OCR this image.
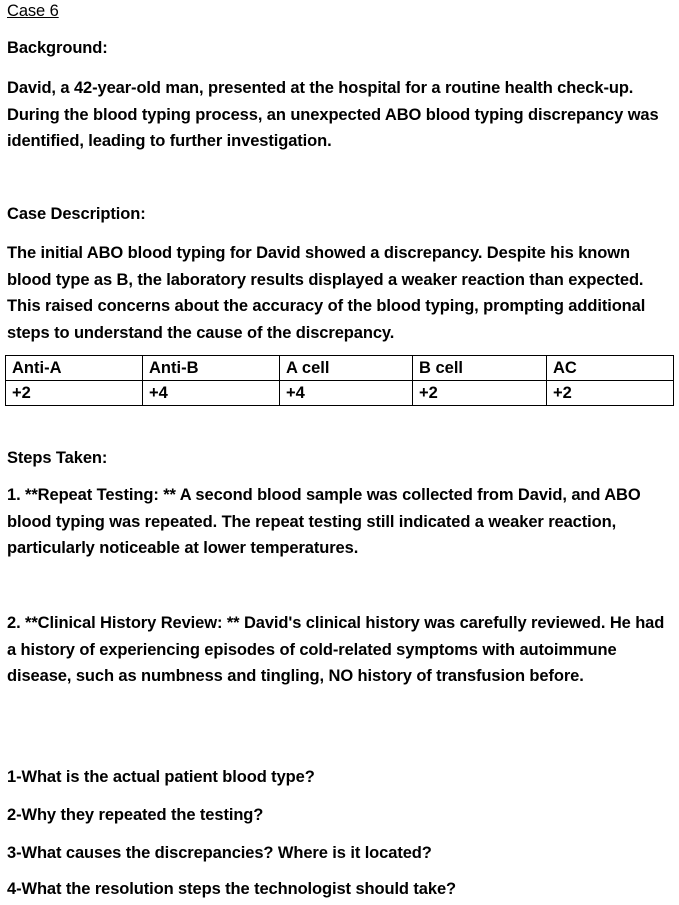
Case 6

Background:

David, a 42-year-old man, presented at the hospital for a routine health check-up. During the blood typing process, an unexpected ABO blood typing discrepancy was identified, leading to further investigation.

Case Description:

The initial ABO blood typing for David showed a discrepancy. Despite his known blood type as B, the laboratory results displayed a weaker reaction than expected. This raised concerns about the accuracy of the blood typing, prompting additional steps to understand the cause of the discrepancy.

Anti-A	Anti-B	A cell	B cell	AC
+2	+4	+4	+2	+2

Steps Taken:

1. **Repeat Testing: ** A second blood sample was collected from David, and ABO blood typing was repeated. The repeat testing still indicated a weaker reaction, particularly noticeable at lower temperatures.

2. **Clinical History Review: ** David's clinical history was carefully reviewed. He had a history of experiencing episodes of cold-related symptoms with autoimmune disease, such as numbness and tingling, NO history of transfusion before.

1-What is the actual patient blood type?

2-Why they repeated the testing?

3-What causes the discrepancies? Where is it located?

4-What the resolution steps the technologist should take?
